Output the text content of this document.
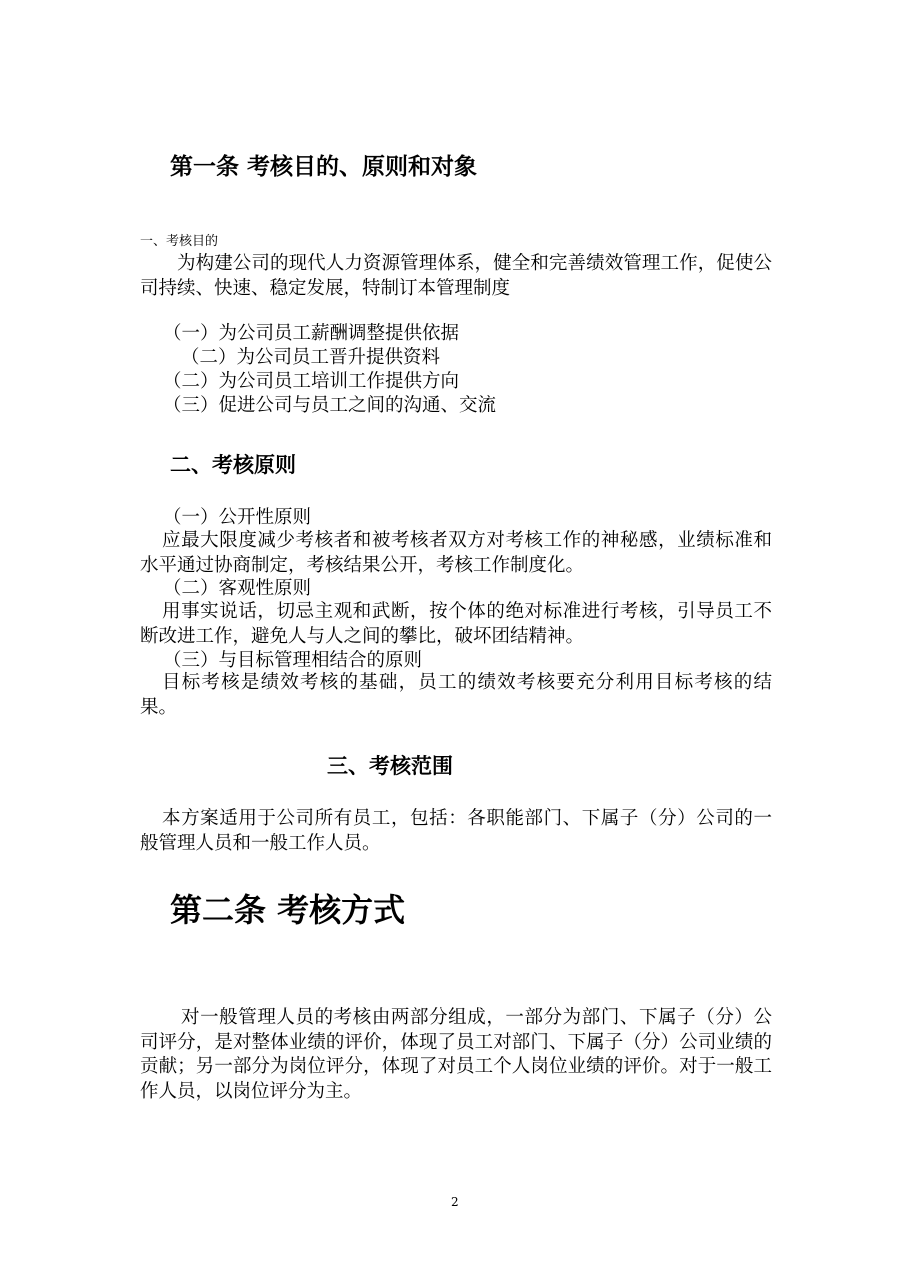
第一条 考核目的、原则和对象
一、考核目的
为构建公司的现代人力资源管理体系，健全和完善绩效管理工作，促使公司持续、快速、稳定发展，特制订本管理制度
（一）为公司员工薪酬调整提供依据
（二）为公司员工晋升提供资料
（二）为公司员工培训工作提供方向
（三）促进公司与员工之间的沟通、交流
二、考核原则
（一）公开性原则
应最大限度减少考核者和被考核者双方对考核工作的神秘感，业绩标准和水平通过协商制定，考核结果公开，考核工作制度化。
（二）客观性原则
用事实说话，切忌主观和武断，按个体的绝对标准进行考核，引导员工不断改进工作，避免人与人之间的攀比，破坏团结精神。
（三）与目标管理相结合的原则
目标考核是绩效考核的基础，员工的绩效考核要充分利用目标考核的结果。
三、考核范围
本方案适用于公司所有员工，包括：各职能部门、下属子（分）公司的一般管理人员和一般工作人员。
第二条 考核方式
对一般管理人员的考核由两部分组成，一部分为部门、下属子（分）公司评分，是对整体业绩的评价，体现了员工对部门、下属子（分）公司业绩的贡献；另一部分为岗位评分，体现了对员工个人岗位业绩的评价。对于一般工作人员，以岗位评分为主。
2
